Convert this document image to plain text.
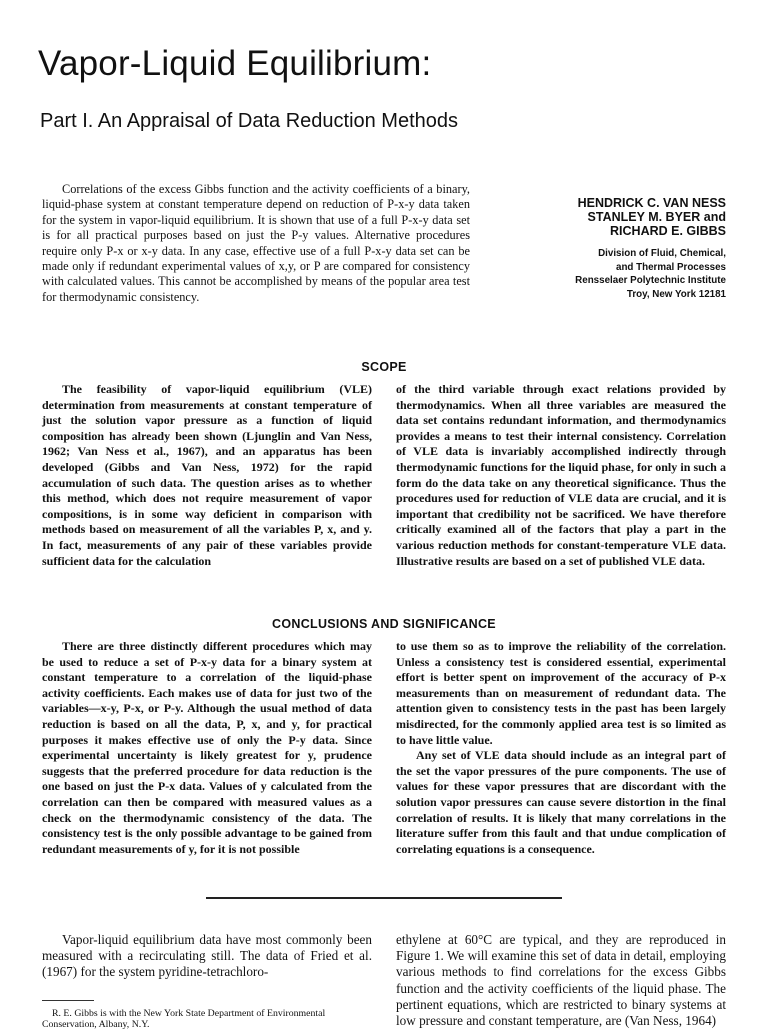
Vapor-Liquid Equilibrium:
Part I. An Appraisal of Data Reduction Methods
Correlations of the excess Gibbs function and the activity coefficients of a binary, liquid-phase system at constant temperature depend on reduction of P-x-y data taken for the system in vapor-liquid equilibrium. It is shown that use of a full P-x-y data set is for all practical purposes based on just the P-y values. Alternative procedures require only P-x or x-y data. In any case, effective use of a full P-x-y data set can be made only if redundant experimental values of x,y, or P are compared for consistency with calculated values. This cannot be accomplished by means of the popular area test for thermodynamic consistency.
HENDRICK C. VAN NESS
STANLEY M. BYER and
RICHARD E. GIBBS
Division of Fluid, Chemical,
and Thermal Processes
Rensselaer Polytechnic Institute
Troy, New York 12181
SCOPE

The feasibility of vapor-liquid equilibrium (VLE) determination from measurements at constant temperature of just the solution vapor pressure as a function of liquid composition has already been shown (Ljunglin and Van Ness, 1962; Van Ness et al., 1967), and an apparatus has been developed (Gibbs and Van Ness, 1972) for the rapid accumulation of such data. The question arises as to whether this method, which does not require measurement of vapor compositions, is in some way deficient in comparison with methods based on measurement of all the variables P, x, and y. In fact, measurements of any pair of these variables provide sufficient data for the calculation

of the third variable through exact relations provided by thermodynamics. When all three variables are measured the data set contains redundant information, and thermodynamics provides a means to test their internal consistency. Correlation of VLE data is invariably accomplished indirectly through thermodynamic functions for the liquid phase, for only in such a form do the data take on any theoretical significance. Thus the procedures used for reduction of VLE data are crucial, and it is important that credibility not be sacrificed. We have therefore critically examined all of the factors that play a part in the various reduction methods for constant-temperature VLE data. Illustrative results are based on a set of published VLE data.

CONCLUSIONS AND SIGNIFICANCE

There are three distinctly different procedures which may be used to reduce a set of P-x-y data for a binary system at constant temperature to a correlation of the liquid-phase activity coefficients. Each makes use of data for just two of the variables—x-y, P-x, or P-y. Although the usual method of data reduction is based on all the data, P, x, and y, for practical purposes it makes effective use of only the P-y data. Since experimental uncertainty is likely greatest for y, prudence suggests that the preferred procedure for data reduction is the one based on just the P-x data. Values of y calculated from the correlation can then be compared with measured values as a check on the thermodynamic consistency of the data. The consistency test is the only possible advantage to be gained from redundant measurements of y, for it is not possible

to use them so as to improve the reliability of the correlation. Unless a consistency test is considered essential, experimental effort is better spent on improvement of the accuracy of P-x measurements than on measurement of redundant data. The attention given to consistency tests in the past has been largely misdirected, for the commonly applied area test is so limited as to have little value.

Any set of VLE data should include as an integral part of the set the vapor pressures of the pure components. The use of values for these vapor pressures that are discordant with the solution vapor pressures can cause severe distortion in the final correlation of results. It is likely that many correlations in the literature suffer from this fault and that undue complication of correlating equations is a consequence.

Vapor-liquid equilibrium data have most commonly been measured with a recirculating still. The data of Fried et al. (1967) for the system pyridine-tetrachloro-

ethylene at 60°C are typical, and they are reproduced in Figure 1. We will examine this set of data in detail, employing various methods to find correlations for the excess Gibbs function and the activity coefficients of the liquid phase. The pertinent equations, which are restricted to binary systems at low pressure and constant temperature, are (Van Ness, 1964)

R. E. Gibbs is with the New York State Department of Environmental Conservation, Albany, N.Y.
